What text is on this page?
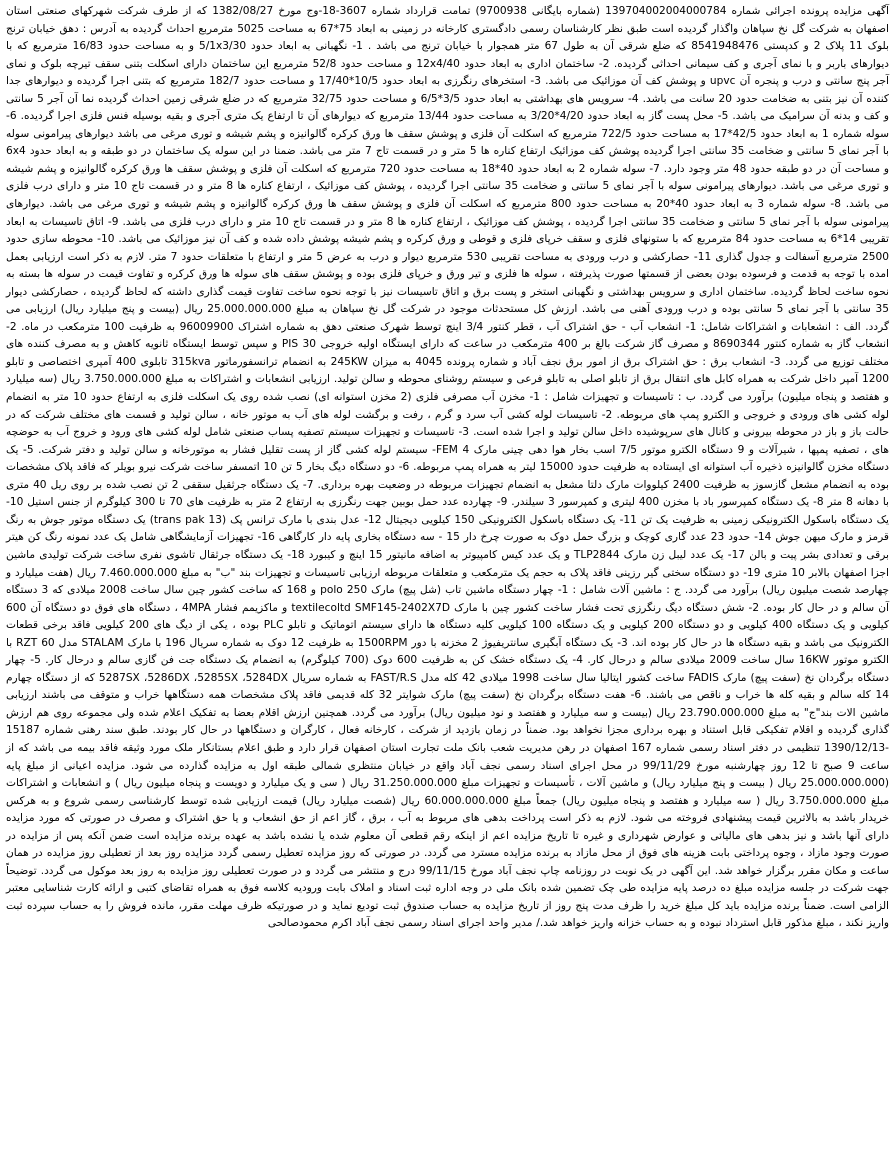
آگهی مزایده پرونده اجرائی شماره 139704002004000784 (شماره بایگانی 9700938) تمامت قرارداد شماره 3607-18-وج مورخ 1382/08/27 که از طرف شرکت شهرکهای صنعتی استان اصفهان به شرکت گل نخ سپاهان واگذار گردیده است طبق نظر کارشناسان رسمی دادگستری کارخانه در زمینی به ابعاد 75*67 به مساحت 5025 مترمربع احداث گردیده به آدرس : دهق خیابان ترنج بلوک 11 پلاک 2 و کدپستی 8541948476 که ضلع شرقی آن به طول 67 متر همجوار با خیابان ترنج می باشد . 1- نگهبانی به ابعاد حدود 5/1x3/30 و به مساحت حدود 16/83 مترمربع که با دیوارهای باربر و با نمای آجری و کف سیمانی احداثی گردیده. 2- ساختمان اداری به ابعاد حدود 12x4/40 و مساحت حدود 52/8 مترمربع این ساختمان دارای اسکلت بتنی سقف تیرچه بلوک و نمای آجر پنج سانتی و درب و پنجره آن upvc و پوشش کف آن موزائیک می باشد. 3- استخرهای رنگرزی به ابعاد حدود 10/5*17/40 و مساحت حدود 182/7 مترمربع که بتنی اجرا گردیده و دیوارهای جدا کننده آن نیز بتنی به ضخامت حدود 20 سانت می باشد. 4- سرویس های بهداشتی به ابعاد حدود 3/5*6/5 و مساحت حدود 32/75 مترمربع که در ضلع شرقی زمین احداث گردیده نما آن آجر 5 سانتی و کف و بدنه آن سرامیک می باشد. 5- محل پست گاز به ابعاد حدود 4/20*3/20 به مساحت حدود 13/44 مترمربع که دیوارهای آن تا ارتفاع یک متری آجری و بقیه بوسیله فنس فلزی اجرا گردیده. 6- سوله شماره 1 به ابعاد حدود 42/5*17 به مساحت حدود 722/5 مترمربع که اسکلت آن فلزی و پوشش سقف ها ورق کرکره گالوانیزه و پشم شیشه و توری مرغی می باشد دیوارهای پیرامونی سوله با آجر نمای 5 سانتی و ضخامت 35 سانتی اجرا گردیده پوشش کف موزائیک ارتفاع کناره ها 5 متر و در قسمت تاج 7 متر می باشد. ضمنا در این سوله یک ساختمان در دو طبقه و به ابعاد حدود 6x4 و مساحت آن در دو طبقه حدود 48 متر وجود دارد. 7- سوله شماره 2 به ابعاد حدود 40*18 به مساحت حدود 720 مترمربع که اسکلت آن فلزی و پوشش سقف ها ورق کرکره گالوانیزه و پشم شیشه و توری مرغی می باشد. دیوارهای پیرامونی سوله با آجر نمای 5 سانتی و ضخامت 35 سانتی اجرا گردیده ، پوشش کف موزائیک ، ارتفاع کناره ها 8 متر و در قسمت تاج 10 متر و دارای درب فلزی می باشد. 8- سوله شماره 3 به ابعاد حدود 40*20 به مساحت حدود 800 مترمربع که اسکلت آن فلزی و پوشش سقف ها ورق کرکره گالوانیزه و پشم شیشه و توری مرغی می باشد. دیوارهای پیرامونی سوله با آجر نمای 5 سانتی و ضخامت 35 سانتی اجرا گردیده ، پوشش کف موزائیک ، ارتفاع کناره ها 8 متر و در قسمت تاج 10 متر و دارای درب فلزی می باشد. 9- اتاق تاسیسات به ابعاد تقریبی 14*6 به مساحت حدود 84 مترمربع که با ستونهای فلزی و سقف خرپای فلزی و قوطی و ورق کرکره و پشم شیشه پوشش داده شده و کف آن نیز موزائیک می باشد. 10- محوطه سازی حدود 2500 مترمربع آسفالت و جدول گذاری 11- حصارکشی و درب ورودی به مساحت تقریبی 530 مترمربع دیوار و درب به عرض 5 متر و ارتفاع با متعلقات حدود 7 متر. لازم به ذکر است ارزیابی بعمل امده با توجه به قدمت و فرسوده بودن بعضی از قسمتها صورت پذیرفته ، سوله ها فلزی و تیر ورق و خرپای فلزی بوده و پوشش سقف های سوله ها ورق کرکره و تفاوت قیمت در سوله ها بسته به نحوه ساخت لحاظ گردیده. ساختمان اداری و سرویس بهداشتی و نگهبانی استخر و پست برق و اتاق تاسیسات نیز با توجه نحوه ساخت تفاوت قیمت گذاری داشته که لحاظ گردیده ، حصارکشی دیوار 35 سانتی با آجر نمای 5 سانتی بوده و درب ورودی آهنی می باشد. ارزش کل مستحدثات موجود در شرکت گل نخ سپاهان به مبلغ 25.000.000.000 ریال (بیست و پنج میلیارد ریال) ارزیابی می گردد. الف : انشعابات و اشتراکات شامل: 1- انشعاب آب - حق اشتراک آب ، قطر کنتور 3/4 اینچ توسط شهرک صنعتی دهق به شماره اشتراک 96009900 به ظرفیت 100 مترمکعب در ماه. 2- انشعاب گاز به شماره کنتور 8690344 و مصرف گاز شرکت بالغ بر 400 مترمکعب در ساعت که دارای ایستگاه اولیه خروجی PIS 30 و سپس توسط ایستگاه ثانویه کاهش و به مصرف کننده های مختلف توزیع می گردد. 3- انشعاب برق : حق اشتراک برق از امور برق نجف آباد و شماره پرونده 4045 به میزان 245KW به انضمام ترانسفورماتور 315kva تابلوی 400 آمپری اختصاصی و تابلو 1200 آمپر داخل شرکت به همراه کابل های انتقال برق از تابلو اصلی به تابلو فرعی و سیستم روشنای محوطه و سالن تولید. ارزیابی انشعابات و اشتراکات به مبلغ 3.750.000.000 ریال (سه میلیارد و هفتصد و پنجاه میلیون) برآورد می گردد. ب : تاسیسات و تجهیزات شامل : 1- مخزن آب مصرفی فلزی (2 مخزن استوانه ای) نصب شده روی یک اسکلت فلزی به ارتفاع حدود 10 متر به انضمام لوله کشی های ورودی و خروجی و الکترو پمپ های مربوطه. 2- تاسیسات لوله کشی آب سرد و گرم ، رفت و برگشت لوله های آب به موتور خانه ، سالن تولید و قسمت های مختلف شرکت که در حالت باز و باز در محوطه بیرونی و کانال های سرپوشیده داخل سالن تولید و اجرا شده است. 3- تاسیسات و تجهیزات سیستم تصفیه پساب صنعتی شامل لوله کشی های ورود و خروج آب به حوضچه های ، تصفیه پمپها ، شیرآلات و 9 دستگاه الکترو موتور 7/5 اسب بخار هوا دهی چینی مارک FEM 4- سیستم لوله کشی گاز از پست تقلیل فشار به موتورخانه و سالن تولید و دفتر شرکت. 5- یک دستگاه مخزن گالوانیزه ذخیره آب استوانه ای ایستاده به ظرفیت حدود 15000 لیتر به همراه پمپ مربوطه. 6- دو دستگاه دیگ بخار 5 تن 10 اتمسفر ساخت شرکت نیرو بویلر که فاقد پلاک مشخصات بوده به انضمام مشعل گازسوز به ظرفیت 2400 کیلووات مارک دلتا مشعل به انضمام تجهیزات مربوطه در وضعیت بهره برداری. 7- یک دستگاه جرثقیل سقفی 2 تن نصب شده بر روی ریل 40 متری با دهانه 8 متر 8- یک دستگاه کمپرسور باد با مخزن 400 لیتری و کمپرسور 3 سیلندر. 9- چهارده عدد حمل بوبین جهت رنگرزی به ارتفاع 2 متر به ظرفیت های 70 تا 300 کیلوگرم از جنس استیل 10- یک دستگاه باسکول الکترونیکی زمینی به ظرفیت یک تن 11- یک دستگاه باسکول الکترونیکی 150 کیلویی دیجیتال 12- عدل بندی با مارک ترانس پک (trans pak 13) یک دستگاه موتور جوش به رنگ قرمز و مارک میهن جوش 14- حدود 23 عدد گاری کوچک و بزرگ حمل دوک به صورت چرخ دار 15 - سه دستگاه بخاری پایه دار کارگاهی 16- تجهیزات آزمایشگاهی شامل یک عدد نمونه رنگ کن هیتر برقی و تعدادی بشر پیت و بالن 17- یک عدد لیبل زن مارک TLP2844 و یک عدد کیس کامپیوتر به اضافه مانیتور 15 اینچ و کیبورد 18- یک دستگاه جرثقال تاشوی نفری ساخت شرکت تولیدی ماشین اجزا اصفهان بالابر 10 متری 19- دو دستگاه سختی گیر رزینی فاقد پلاک به حجم یک مترمکعب و متعلقات مربوطه ارزیابی تاسیسات و تجهیزات بند "ب" به مبلغ 7.460.000.000 ریال (هفت میلیارد و چهارصد شصت میلیون ریال) برآورد می گردد. ج : ماشین آلات شامل : 1- چهار دستگاه ماشین تاب (شل پیچ) مارک polo 250 و 168 که ساخت کشور چین سال ساخت 2008 میلادی که 3 دستگاه آن سالم و در حال کار بوده. 2- شش دستگاه دیگ رنگرزی تحت فشار ساخت کشور چین با مارک textilecoltd SMF145-2402X7D و ماکزیمم فشار 4MPA ، دستگاه های فوق دو دستگاه آن 600 کیلویی و یک دستگاه 400 کیلویی و دو دستگاه 200 کیلویی و یک دستگاه 100 کیلویی کلیه دستگاه ها دارای سیستم اتوماتیک و تابلو PLC بوده ، یکی از دیگ های 200 کیلویی فاقد برخی قطعات الکترونیک می باشد و بقیه دستگاه ها در حال کار بوده اند. 3- یک دستگاه آبگیری سانتریفیوژ 2 مخزنه با دور 1500RPM به ظرفیت 12 دوک به شماره سریال 196 با مارک STALAM مدل RZT 60 با الکترو موتور 16KW سال ساخت 2009 میلادی سالم و درحال کار. 4- یک دستگاه خشک کن به ظرفیت 600 دوک (700 کیلوگرم) به انضمام یک دستگاه جت فن گازی سالم و درحال کار. 5- چهار دستگاه برگردان نخ (سفت پیچ) مارک FADIS ساخت کشور ایتالیا سال ساخت 1998 میلادی 42 کله مدل FAST/R.S به شماره سریال 5287SX ،5286DX ،5285SX ،5284DX که از دستگاه چهارم 14 کله سالم و بقیه کله ها خراب و ناقص می باشند. 6- هفت دستگاه برگردان نخ (سفت پیچ) مارک شوایتر 32 کله قدیمی فاقد پلاک مشخصات همه دستگاهها خراب و متوقف می باشند ارزیابی ماشین الات بند"ج" به مبلغ 23.790.000.000 ریال (بیست و سه میلیارد و هفتصد و نود میلیون ریال) برآورد می گردد. همچنین ارزش اقلام بعضا به تفکیک اعلام شده ولی مجموعه روی هم ارزش گذاری گردیده و اقلام تفکیکی قابل استناد و بهره برداری مجزا نخواهد بود. ضمناً در زمان بازدید از شرکت ، کارخانه فعال ، کارگران و دستگاهها در حال کار بودند. طبق سند رهنی شماره 15187 -1390/12/13 تنظیمی در دفتر اسناد رسمی شماره 167 اصفهان در رهن مدیریت شعب بانک ملت تجارت استان اصفهان قرار دارد و طبق اعلام بستانکار ملک مورد وثیقه فاقد بیمه می باشد که از ساعت 9 صبح تا 12 روز چهارشنبه مورخ 99/11/29 در محل اجرای اسناد رسمی نجف آباد واقع در خیابان منتظری شمالی طبقه اول به مزایده گذارده می شود. مزایده اعیانی از مبلغ پایه (25.000.000.000 ریال ( بیست و پنج میلیارد ریال) و ماشین آلات ، تأسیسات و تجهیزات مبلغ 31.250.000.000 ریال ( سی و یک میلیارد و دویست و پنجاه میلیون ریال ) و انشعابات و اشتراکات مبلغ 3.750.000.000 ریال ( سه میلیارد و هفتصد و پنجاه میلیون ریال) جمعاً مبلغ 60.000.000.000 ریال (شصت میلیارد ریال) قیمت ارزیابی شده توسط کارشناسی رسمی شروع و به هرکس خریدار باشد به بالاترین قیمت پیشنهادی فروخته می شود. لازم به ذکر است پرداخت بدهی های مربوط به آب ، برق ، گاز اعم از حق انشعاب و یا حق اشتراک و مصرف در صورتی که مورد مزایده دارای آنها باشد و نیز بدهی های مالیاتی و عوارض شهرداری و غیره تا تاریخ مزایده اعم از اینکه رقم قطعی آن معلوم شده یا نشده باشد به عهده برنده مزایده است ضمن آنکه پس از مزایده در صورت وجود مازاد ، وجوه پرداختی بابت هزینه های فوق از محل مازاد به برنده مزایده مسترد می گردد. در صورتی که روز مزایده تعطیل رسمی گردد مزایده روز بعد از تعطیلی روز مزایده در همان ساعت و مکان مقرر برگزار خواهد شد. این آگهی در یک نوبت در روزنامه چاپ نجف آباد مورخ 99/11/15 درج و منتشر می گردد و در صورت تعطیلی روز مزایده به روز بعد موکول می گردد. توضیحاً جهت شرکت در جلسه مزایده مبلغ ده درصد پایه مزایده طی چک تضمین شده بانک ملی در وجه اداره ثبت اسناد و املاک بابت ورودیه کلاسه فوق به همراه تقاضای کتبی و ارائه کارت شناسایی معتبر الزامی است. ضمناً برنده مزایده باید کل مبلغ خرید را ظرف مدت پنج روز از تاریخ مزایده به حساب صندوق ثبت تودیع نماید و در صورتیکه ظرف مهلت مقرر، مانده فروش را به حساب سپرده ثبت واریز نکند ، مبلغ مذکور قابل استرداد نبوده و به حساب خزانه واریز خواهد شد./ مدیر واحد اجرای اسناد رسمی نجف آباد اکرم محمودصالحی
